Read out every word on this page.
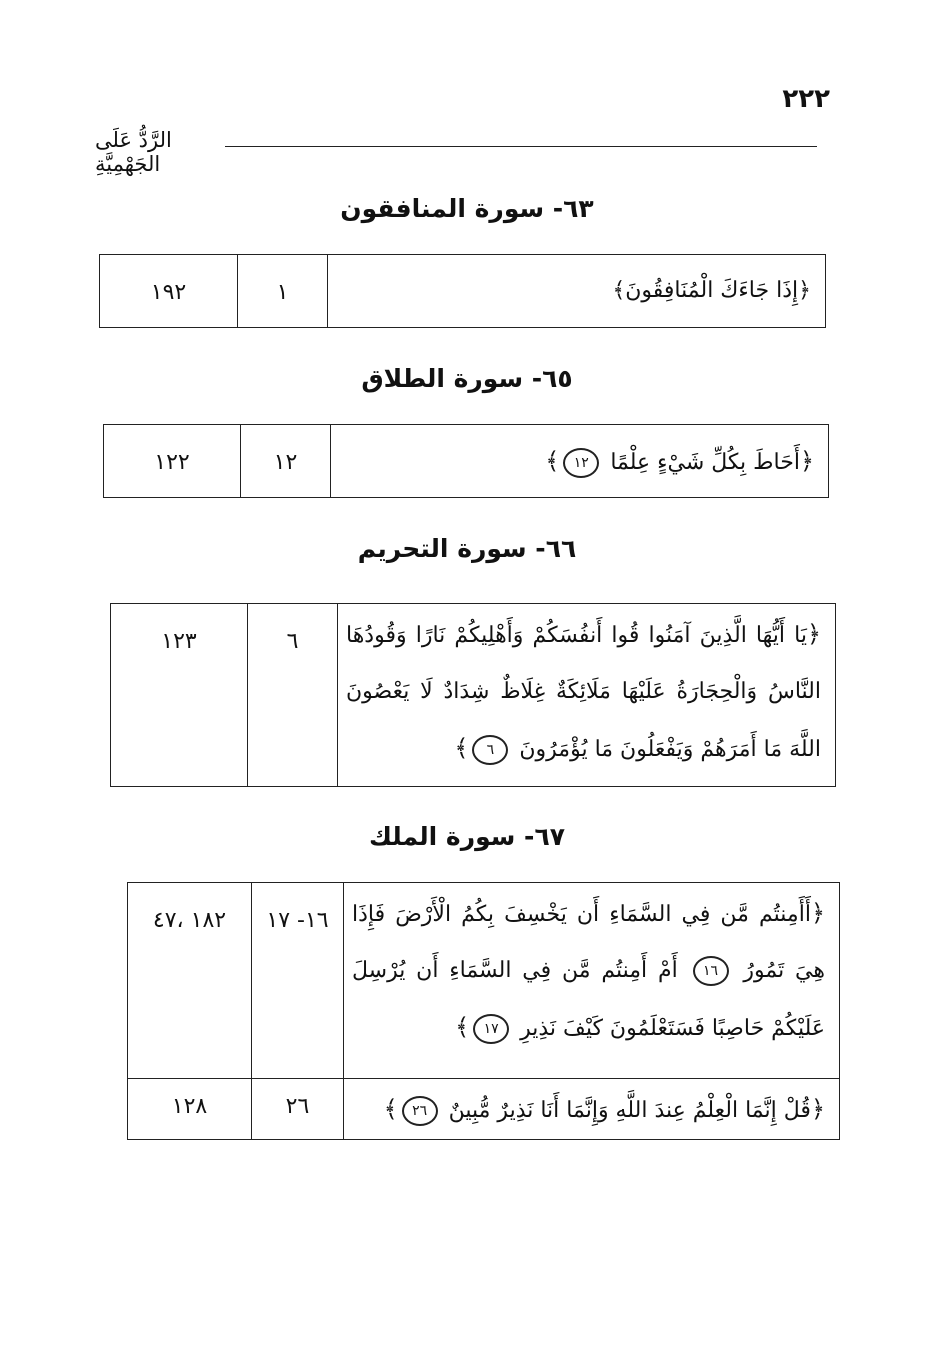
٢٢٢
الرَّدُّ عَلَى الجَهْمِيَّةِ
٦٣- سورة المنافقون
﴿إِذَا جَاءَكَ الْمُنَافِقُونَ﴾	١	١٩٢
٦٥- سورة الطلاق
﴿أَحَاطَ بِكُلِّ شَيْءٍ عِلْمًا ١٢﴾	١٢	١٢٢
٦٦- سورة التحريم
﴿يَا أَيُّهَا الَّذِينَ آمَنُوا قُوا أَنفُسَكُمْ وَأَهْلِيكُمْ نَارًا وَقُودُهَا النَّاسُ وَالْحِجَارَةُ عَلَيْهَا مَلَائِكَةٌ غِلَاظٌ شِدَادٌ لَا يَعْصُونَ اللَّهَ مَا أَمَرَهُمْ وَيَفْعَلُونَ مَا يُؤْمَرُونَ ٦﴾	٦	١٢٣
٦٧- سورة الملك
﴿أَأَمِنتُم مَّن فِي السَّمَاءِ أَن يَخْسِفَ بِكُمُ الْأَرْضَ فَإِذَا هِيَ تَمُورُ ١٦ أَمْ أَمِنتُم مَّن فِي السَّمَاءِ أَن يُرْسِلَ عَلَيْكُمْ حَاصِبًا فَسَتَعْلَمُونَ كَيْفَ نَذِيرِ ١٧﴾	١٦- ١٧	١٨٢ ،٤٧
﴿قُلْ إِنَّمَا الْعِلْمُ عِندَ اللَّهِ وَإِنَّمَا أَنَا نَذِيرٌ مُّبِينٌ ٢٦﴾	٢٦	١٢٨
